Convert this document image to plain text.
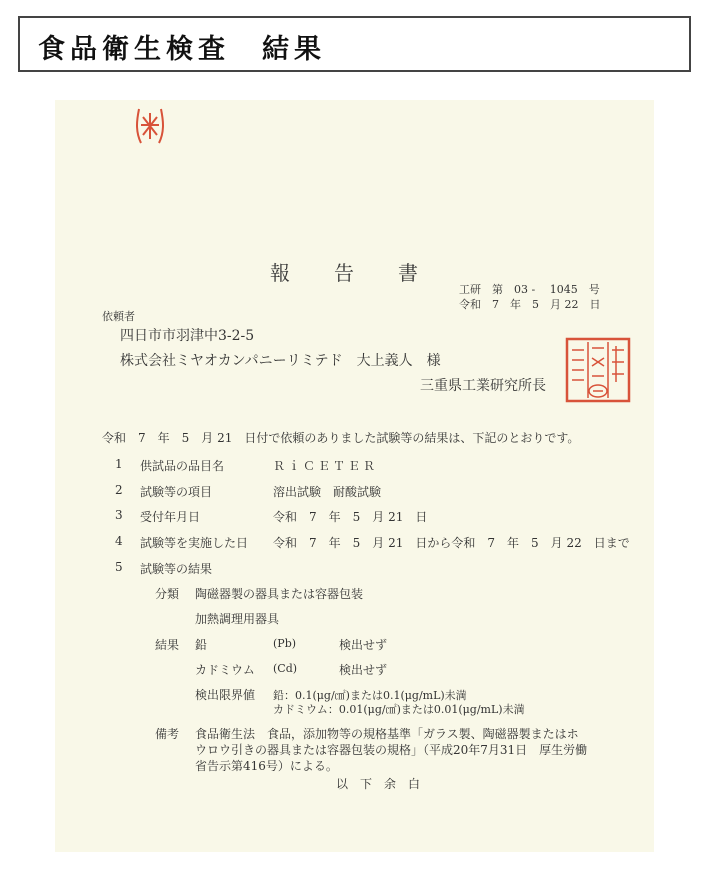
食品衛生検査　結果
報告書
工研　第　03 -　 1045　号
令和　7　年　5　月 22　日
依頼者
四日市市羽津中3-2-5
株式会社ミヤオカンパニーリミテド　大上義人　様
三重県工業研究所長
令和　7　年　5　月 21　日付で依頼のありました試験等の結果は、下記のとおりです。
1 供試品の品目名	ＲｉＣＥＴＥＲ
2 試験等の項目	溶出試験　耐酸試験
3 受付年月日	令和　7　年　5　月 21　日
4 試験等を実施した日 令和　7　年　5　月 21　日から令和　7　年　5　月 22　日まで
5 試験等の結果
分類 陶磁器製の器具または容器包装
加熱調理用器具
結果 鉛	(Pb)	検出せず
カドミウム (Cd)	検出せず
検出限界値 鉛：0.1(μg/㎠)または0.1(μg/mL)未満
カドミウム：0.01(μg/㎠)または0.01(μg/mL)未満
備考 食品衛生法　食品，添加物等の規格基準「ガラス製、陶磁器製またはホ
ウロウ引きの器具または容器包装の規格」（平成20年7月31日　厚生労働
省告示第416号）による。
以　下　余　白
